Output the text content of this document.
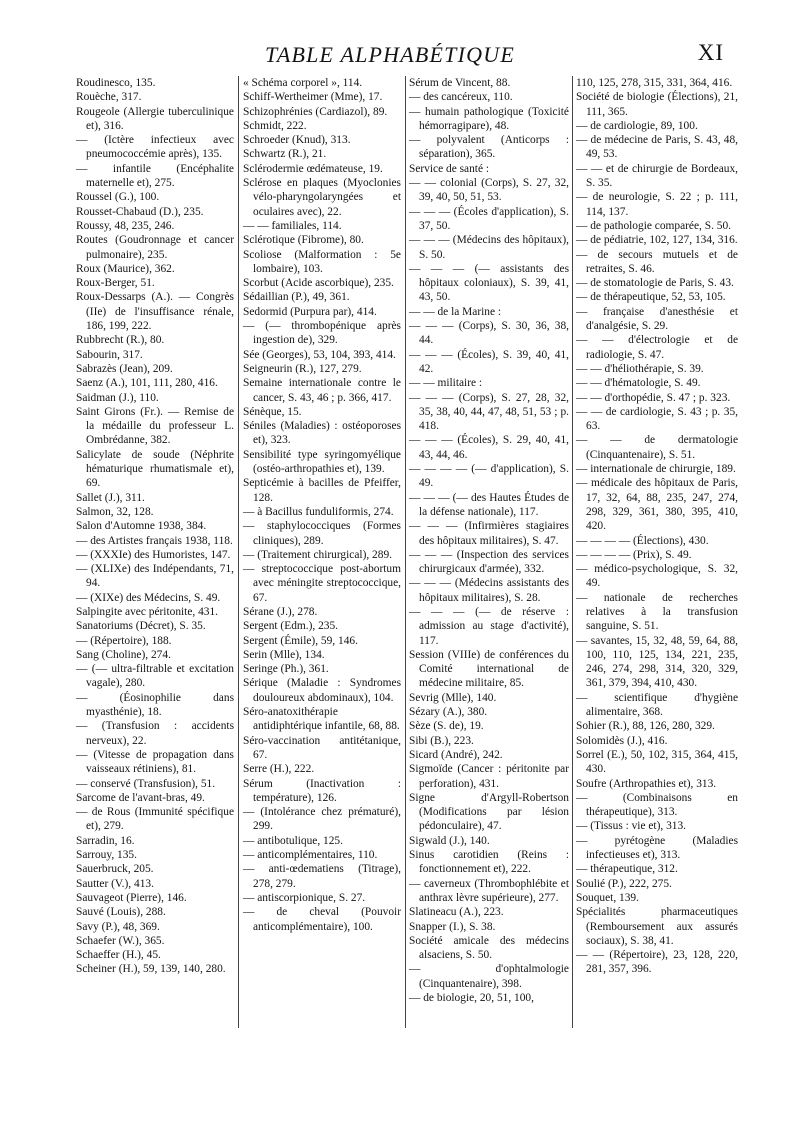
TABLE ALPHABÉTIQUE	XI
Roudinesco, 135.
Rouèche, 317.
Rougeole (Allergie tuberculinique et), 316.
— (Ictère infectieux avec pneumococcémie après), 135.
— infantile (Encéphalite maternelle et), 275.
Roussel (G.), 100.
Rousset-Chabaud (D.), 235.
Roussy, 48, 235, 246.
Routes (Goudronnage et cancer pulmonaire), 235.
Roux (Maurice), 362.
Roux-Berger, 51.
Roux-Dessarps (A.). — Congrès (IIe) de l'insuffisance rénale, 186, 199, 222.
Rubbrecht (R.), 80.
Sabourin, 317.
Sabrazès (Jean), 209.
Saenz (A.), 101, 111, 280, 416.
Saidman (J.), 110.
Saint Girons (Fr.). — Remise de la médaille du professeur L. Ombrédanne, 382.
Salicylate de soude (Néphrite hématurique rhumatismale et), 69.
Sallet (J.), 311.
Salmon, 32, 128.
Salon d'Automne 1938, 384.
— des Artistes français 1938, 118.
— (XXXIe) des Humoristes, 147.
— (XLIXe) des Indépendants, 71, 94.
— (XIXe) des Médecins, S. 49.
Salpingite avec péritonite, 431.
Sanatoriums (Décret), S. 35.
— (Répertoire), 188.
Sang (Choline), 274.
— (— ultra-filtrable et excitation vagale), 280.
— (Éosinophilie dans myasthénie), 18.
— (Transfusion : accidents nerveux), 22.
— (Vitesse de propagation dans vaisseaux rétiniens), 81.
— conservé (Transfusion), 51.
Sarcome de l'avant-bras, 49.
— de Rous (Immunité spécifique et), 279.
Sarradin, 16.
Sarrouy, 135.
Sauerbruck, 205.
Sautter (V.), 413.
Sauvageot (Pierre), 146.
Sauvé (Louis), 288.
Savy (P.), 48, 369.
Schaefer (W.), 365.
Schaeffer (H.), 45.
Scheiner (H.), 59, 139, 140, 280.
« Schéma corporel », 114.
Schiff-Wertheimer (Mme), 17.
Schizophrénies (Cardiazol), 89.
Schmidt, 222.
Schroeder (Knud), 313.
Schwartz (R.), 21.
Sclérodermie œdémateuse, 19.
Sclérose en plaques (Myoclonies vélo-pharyngolaryngées et oculaires avec), 22.
— — familiales, 114.
Sclérotique (Fibrome), 80.
Scoliose (Malformation : 5e lombaire), 103.
Scorbut (Acide ascorbique), 235.
Sédaillian (P.), 49, 361.
Sedormid (Purpura par), 414.
— (— thrombopénique après ingestion de), 329.
Sée (Georges), 53, 104, 393, 414.
Seigneurin (R.), 127, 279.
Semaine internationale contre le cancer, S. 43, 46 ; p. 366, 417.
Sénèque, 15.
Séniles (Maladies) : ostéoporoses et), 323.
Sensibilité type syringomyélique (ostéo-arthropathies et), 139.
Septicémie à bacilles de Pfeiffer, 128.
— à Bacillus funduliformis, 274.
— staphylococciques (Formes cliniques), 289.
— (Traitement chirurgical), 289.
— streptococcique post-abortum avec méningite streptococcique, 67.
Sérane (J.), 278.
Sergent (Edm.), 235.
Sergent (Émile), 59, 146.
Serin (Mlle), 134.
Seringe (Ph.), 361.
Sérique (Maladie : Syndromes douloureux abdominaux), 104.
Séro-anatoxithérapie antidiphtérique infantile, 68, 88.
Séro-vaccination antitétanique, 67.
Serre (H.), 222.
Sérum (Inactivation : température), 126.
— (Intolérance chez prématuré), 299.
— antibotulique, 125.
— anticomplémentaires, 110.
— anti-œdematiens (Titrage), 278, 279.
— antiscorpionique, S. 27.
— de cheval (Pouvoir anticomplémentaire), 100.
Sérum de Vincent, 88.
— des cancéreux, 110.
— humain pathologique (Toxicité hémorragipare), 48.
— polyvalent (Anticorps : séparation), 365.
Service de santé :
— — colonial (Corps), S. 27, 32, 39, 40, 50, 51, 53.
— — — (Écoles d'application), S. 37, 50.
— — — (Médecins des hôpitaux), S. 50.
— — — (— assistants des hôpitaux coloniaux), S. 39, 41, 43, 50.
— — de la Marine :
— — — (Corps), S. 30, 36, 38, 44.
— — — (Écoles), S. 39, 40, 41, 42.
— — militaire :
— — — (Corps), S. 27, 28, 32, 35, 38, 40, 44, 47, 48, 51, 53 ; p. 418.
— — — (Écoles), S. 29, 40, 41, 43, 44, 46.
— — — — (— d'application), S. 49.
— — — (— des Hautes Études de la défense nationale), 117.
— — — (Infirmières stagiaires des hôpitaux militaires), S. 47.
— — — (Inspection des services chirurgicaux d'armée), 332.
— — — (Médecins assistants des hôpitaux militaires), S. 28.
— — — (— de réserve : admission au stage d'activité), 117.
Session (VIIIe) de conférences du Comité international de médecine militaire, 85.
Sevrig (Mlle), 140.
Sézary (A.), 380.
Sèze (S. de), 19.
Sibi (B.), 223.
Sicard (André), 242.
Sigmoïde (Cancer : péritonite par perforation), 431.
Signe d'Argyll-Robertson (Modifications par lésion pédonculaire), 47.
Sigwald (J.), 140.
Sinus carotidien (Reins : fonctionnement et), 222.
— caverneux (Thrombophlébite et anthrax lèvre supérieure), 277.
Slatineacu (A.), 223.
Snapper (I.), S. 38.
Société amicale des médecins alsaciens, S. 50.
— d'ophtalmologie (Cinquantenaire), 398.
— de biologie, 20, 51, 100,
110, 125, 278, 315, 331, 364, 416.
Société de biologie (Élections), 21, 111, 365.
— de cardiologie, 89, 100.
— de médecine de Paris, S. 43, 48, 49, 53.
— — et de chirurgie de Bordeaux, S. 35.
— de neurologie, S. 22 ; p. 111, 114, 137.
— de pathologie comparée, S. 50.
— de pédiatrie, 102, 127, 134, 316.
— de secours mutuels et de retraites, S. 46.
— de stomatologie de Paris, S. 43.
— de thérapeutique, 52, 53, 105.
— française d'anesthésie et d'analgésie, S. 29.
— — d'électrologie et de radiologie, S. 47.
— — d'héliothérapie, S. 39.
— — d'hématologie, S. 49.
— — d'orthopédie, S. 47 ; p. 323.
— — de cardiologie, S. 43 ; p. 35, 63.
— — de dermatologie (Cinquantenaire), S. 51.
— internationale de chirurgie, 189.
— médicale des hôpitaux de Paris, 17, 32, 64, 88, 235, 247, 274, 298, 329, 361, 380, 395, 410, 420.
— — — — (Élections), 430.
— — — — (Prix), S. 49.
— médico-psychologique, S. 32, 49.
— nationale de recherches relatives à la transfusion sanguine, S. 51.
— savantes, 15, 32, 48, 59, 64, 88, 100, 110, 125, 134, 221, 235, 246, 274, 298, 314, 320, 329, 361, 379, 394, 410, 430.
— scientifique d'hygiène alimentaire, 368.
Sohier (R.), 88, 126, 280, 329.
Solomidès (J.), 416.
Sorrel (E.), 50, 102, 315, 364, 415, 430.
Soufre (Arthropathies et), 313.
— (Combinaisons en thérapeutique), 313.
— (Tissus : vie et), 313.
— pyrétogène (Maladies infectieuses et), 313.
— thérapeutique, 312.
Soulié (P.), 222, 275.
Souquet, 139.
Spécialités pharmaceutiques (Remboursement aux assurés sociaux), S. 38, 41.
— — (Répertoire), 23, 128, 220, 281, 357, 396.
